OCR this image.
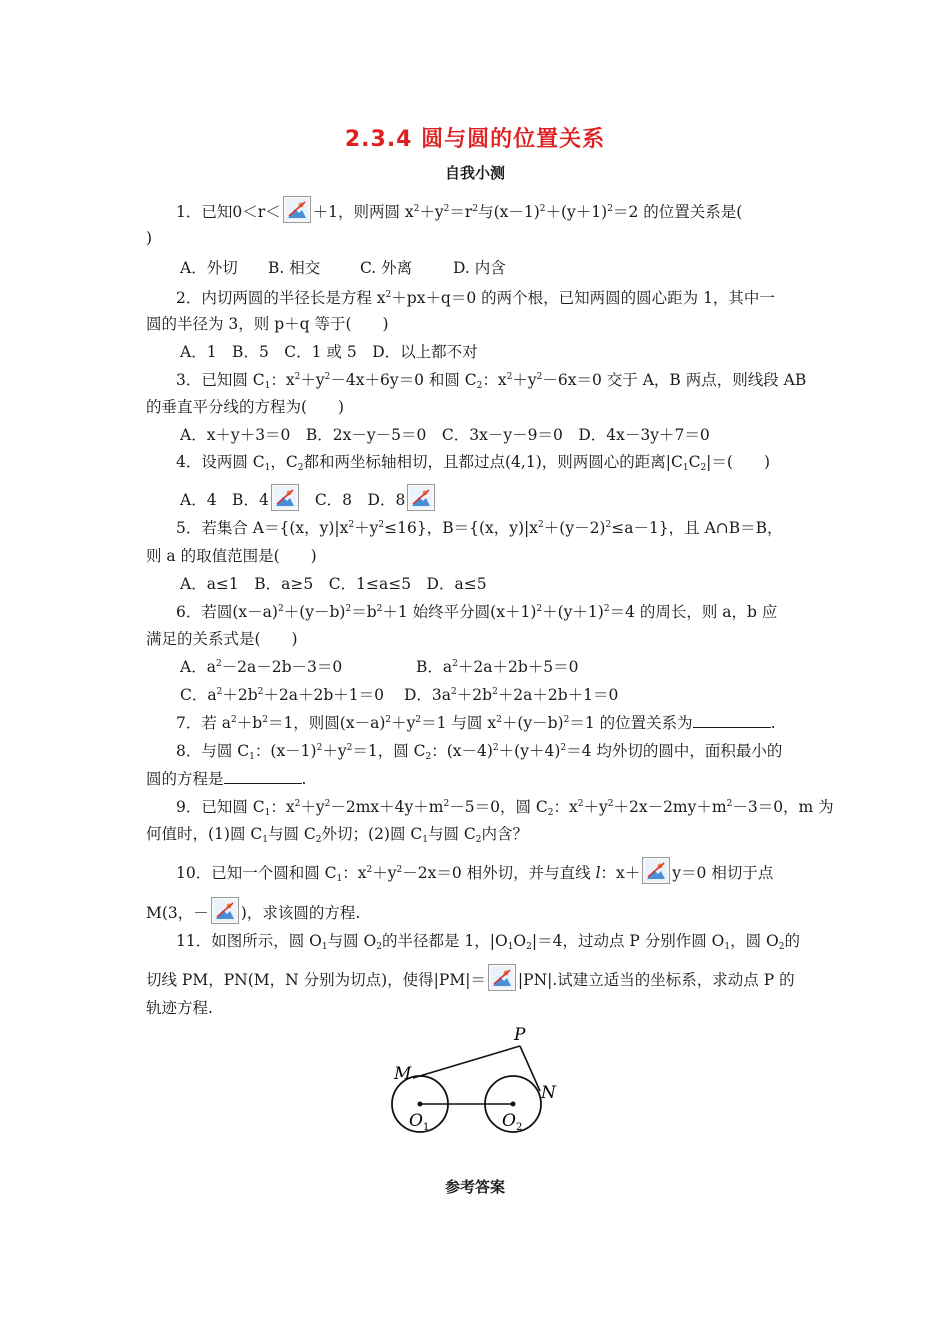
2.3.4 圆与圆的位置关系
自我小测
1．已知0＜r＜ ＋1，则两圆 $x^2+y^2=r^2$与$(x-1)^2+(y+1)^2=2$ 的位置关系是(
)
A．外切 B. 相交	C. 外离	D. 内含
2．内切两圆的半径长是方程 $x^2+px+q=0$ 的两个根，已知两圆的圆心距为 1，其中一
圆的半径为 3，则 p＋q 等于(　　)
A．1　B．5　C．1 或 5　D．以上都不对
3．已知圆 $C_1$：$x^2+y^2-4x+6y=0$ 和圆 $C_2$：$x^2+y^2-6x=0$ 交于 A，B 两点，则线段 AB
的垂直平分线的方程为(　　)
A．x＋y＋3＝0　B．2x－y－5＝0　C．3x－y－9＝0　D．4x－3y＋7＝0
4．设两圆 $C_1$，$C_2$都和两坐标轴相切，且都过点(4,1)，则两圆心的距离$|C_1C_2|=$(　　)
A．4　B．4	C．8　D．8
5．若集合 A＝{(x，$y)|x^2+y^2\le 16$}，B＝{(x，$y)|x^2+(y-2)^2\le a-1$}，且 A∩B＝B，
则 a 的取值范围是(　　)
A．a≤1　B．a≥5　C．1≤a≤5　D．a≤5
6．若圆$(x-a)^2+(y-b)^2=b^2+1$ 始终平分圆$(x+1)^2+(y+1)^2=4$ 的周长，则 a，b 应
满足的关系式是(　　)
A．$a^2-2a-2b-3=0$	B．$a^2+2a+2b+5=0$
C．$a^2+2b^2+2a+2b+1=0$ D．$3a^2+2b^2+2a+2b+1=0$
7．若 $a^2+b^2=1$，则圆$(x-a)^2+y^2=1$ 与圆 $x^2+(y-b)^2=1$ 的位置关系为	.
8．与圆 $C_1$：$(x-1)^2+y^2=1$，圆 $C_2$：$(x-4)^2+(y+4)^2=4$ 均外切的圆中，面积最小的
圆的方程是	.
9．已知圆 $C_1$：$x^2+y^2-2mx+4y+m^2-5=0$，圆 $C_2$：$x^2+y^2+2x-2my+m^2-3=0$，m 为
何值时，(1)圆 $C_1$与圆 $C_2$外切；(2)圆 $C_1$与圆 $C_2$内含？
10．已知一个圆和圆 $C_1$：$x^2+y^2-2x=0$ 相外切，并与直线 l：x＋ y＝0 相切于点
M(3，－ )，求该圆的方程.
11．如图所示，圆 $O_1$与圆 $O_2$的半径都是 1，$|O_1O_2|=4$，过动点 P 分别作圆 $O_1$，圆 $O_2$的
切线 PM，PN(M，N 分别为切点)，使得|PM|＝ |PN|.试建立适当的坐标系，求动点 P 的
轨迹方程.
P
M
N
O 1	O 2
参考答案
